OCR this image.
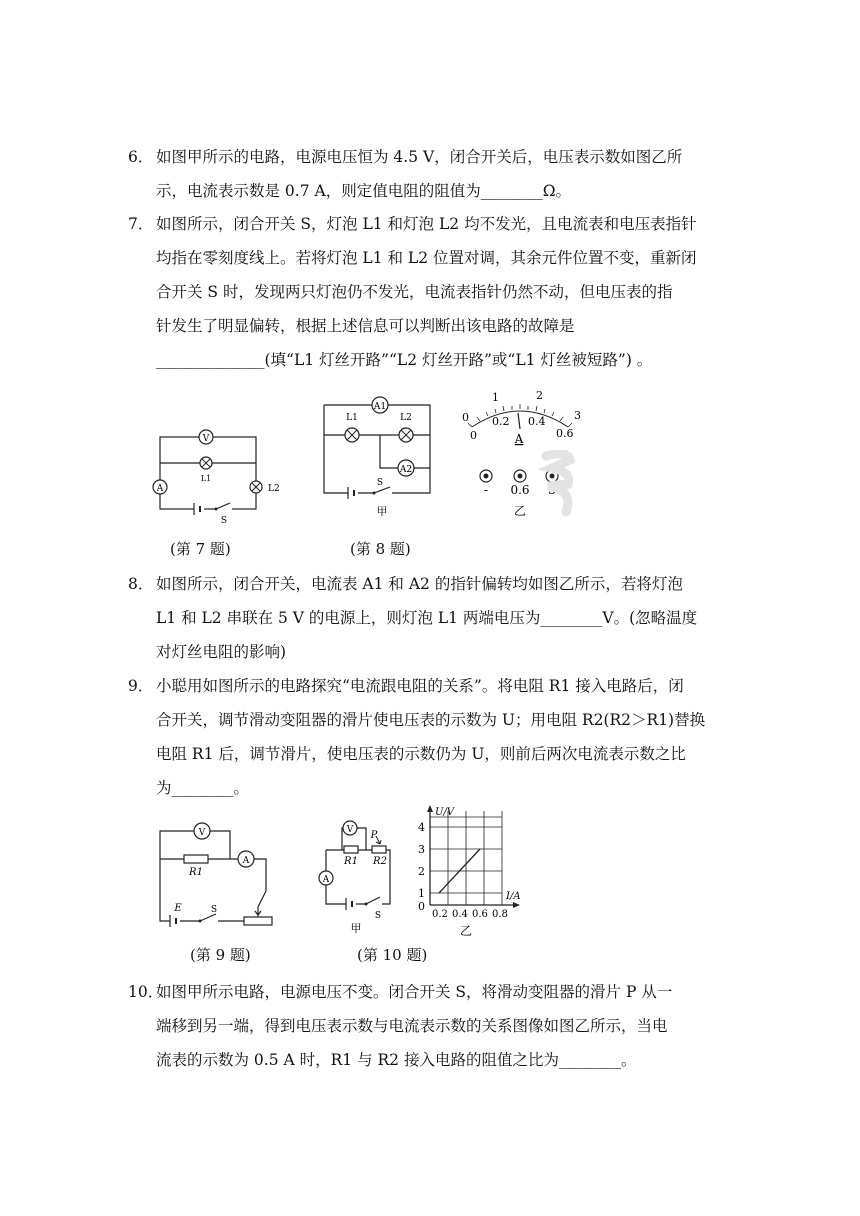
6． 如图甲所示的电路，电源电压恒为 4.5 V，闭合开关后，电压表示数如图乙所
示，电流表示数是 0.7 A，则定值电阻的阻值为________Ω。
7． 如图所示，闭合开关 S，灯泡 L1 和灯泡 L2 均不发光，且电流表和电压表指针
均指在零刻度线上。若将灯泡 L1 和 L2 位置对调，其余元件位置不变，重新闭
合开关 S 时，发现两只灯泡仍不发光，电流表指针仍然不动，但电压表的指
针发生了明显偏转，根据上述信息可以判断出该电路的故障是
______________(填“L1 灯丝开路”“L2 灯丝开路”或“L1 灯丝被短路”) 。
V
L1
A	L2
S
A1
L1	L2
A2
S
甲
0
1	2
3
0
0.2 0.4
0.6
A
- 0.6 3
乙
(第 7 题)	(第 8 题)
8． 如图所示，闭合开关，电流表 A1 和 A2 的指针偏转均如图乙所示，若将灯泡
L1 和 L2 串联在 5 V 的电源上，则灯泡 L1 两端电压为________V。(忽略温度
对灯丝电阻的影响)
9． 小聪用如图所示的电路探究“电流跟电阻的关系”。将电阻 R1 接入电路后，闭
合开关，调节滑动变阻器的滑片使电压表的示数为 U；用电阻 R2(R2＞R1)替换
电阻 R1 后，调节滑片，使电压表的示数仍为 U，则前后两次电流表示数之比
为________。
V
R1
A
E	S
V
R1
P
R2
A
S
甲
U/V
I/A
0
1
2
3
4
0.2 0.4 0.6 0.8
乙
(第 9 题)	(第 10 题)
10．
如图甲所示电路，电源电压不变。闭合开关 S，将滑动变阻器的滑片 P 从一
端移到另一端，得到电压表示数与电流表示数的关系图像如图乙所示，当电
流表的示数为 0.5 A 时，R1 与 R2 接入电路的阻值之比为________。
